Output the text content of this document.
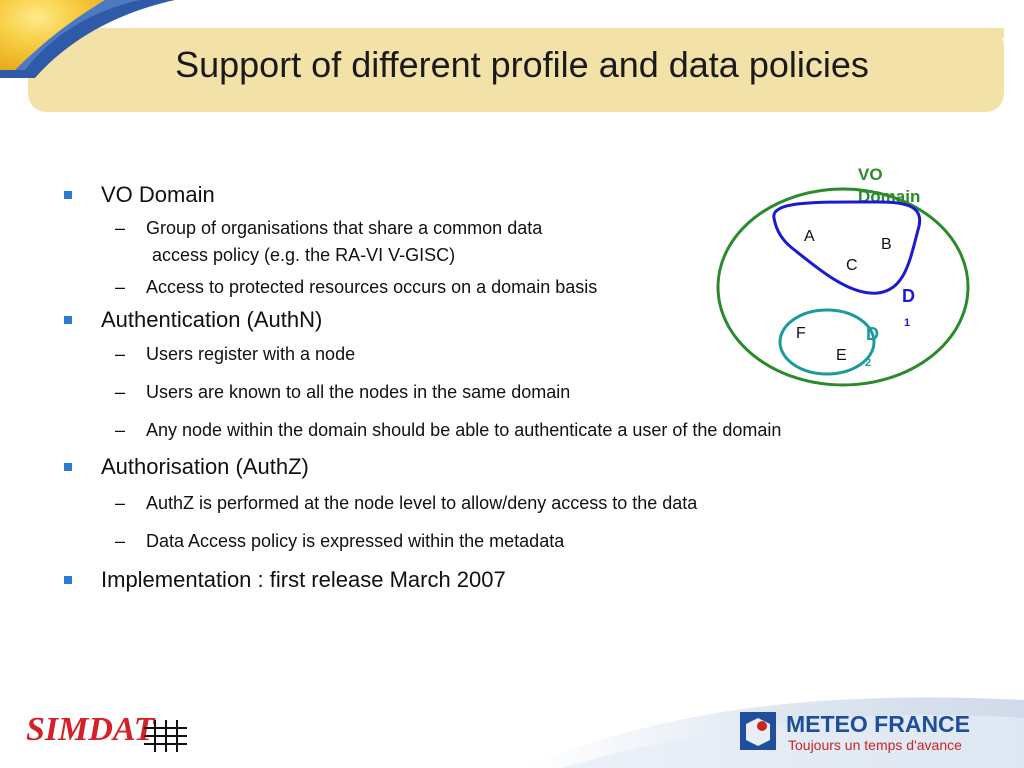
Support of different profile and data policies
VO Domain
– Group of organisations that share a common data
access policy (e.g. the RA-VI V-GISC)
– Access to protected resources occurs on a domain basis
Authentication (AuthN)
– Users register with a node
– Users are known to all the nodes in the same domain
– Any node within the domain should be able to authenticate a user of the domain
Authorisation (AuthZ)
– AuthZ is performed at the node level to allow/deny access to the data
– Data Access policy is expressed within the metadata
Implementation : first release March 2007
VO Domain
A	B
C
D
1
F
E
D
2
SIMDAT	METEO FRANCE
Toujours un temps d'avance
